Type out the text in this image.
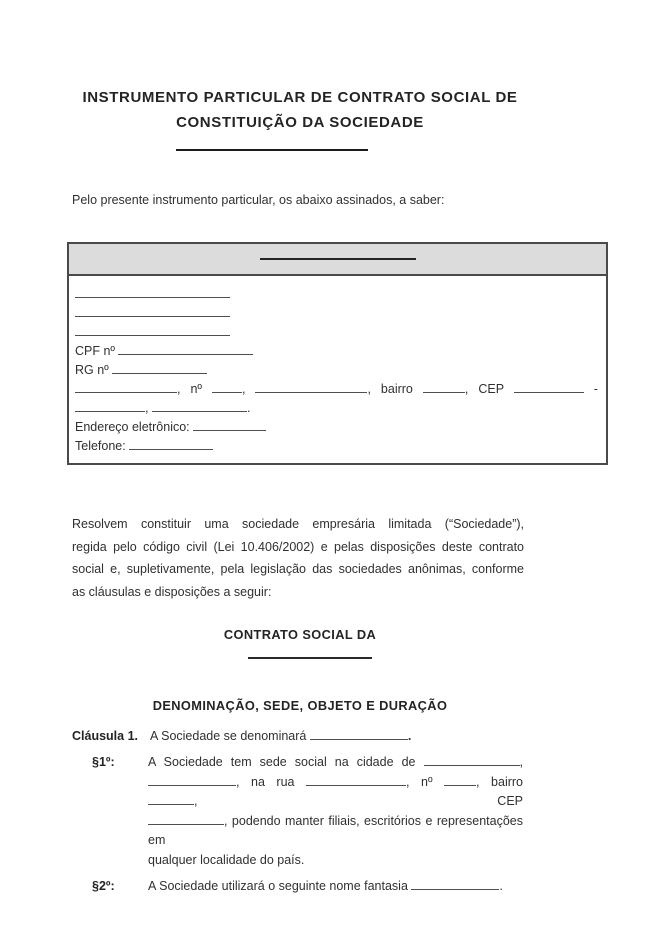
INSTRUMENTO PARTICULAR DE CONTRATO SOCIAL DE
CONSTITUIÇÃO DA SOCIEDADE

Pelo presente instrumento particular, os abaixo assinados, a saber:

CPF nº
RG nº
, nº	,	, bairro	, CEP	-
,	.
Endereço eletrônico:
Telefone:
Resolvem constituir uma sociedade empresária limitada (“Sociedade”),
regida pelo código civil (Lei 10.406/2002) e pelas disposições deste contrato
social e, supletivamente, pela legislação das sociedades anônimas, conforme
as cláusulas e disposições a seguir:
CONTRATO SOCIAL DA
DENOMINAÇÃO, SEDE, OBJETO E DURAÇÃO
Cláusula 1. A Sociedade se denominará	.
§1º:	A Sociedade tem sede social na cidade de	,
, na rua	, nº	, bairro ,	CEP
, podendo manter filiais, escritórios e representações em
qualquer localidade do país.
§2º:	A Sociedade utilizará o seguinte nome fantasia	.
